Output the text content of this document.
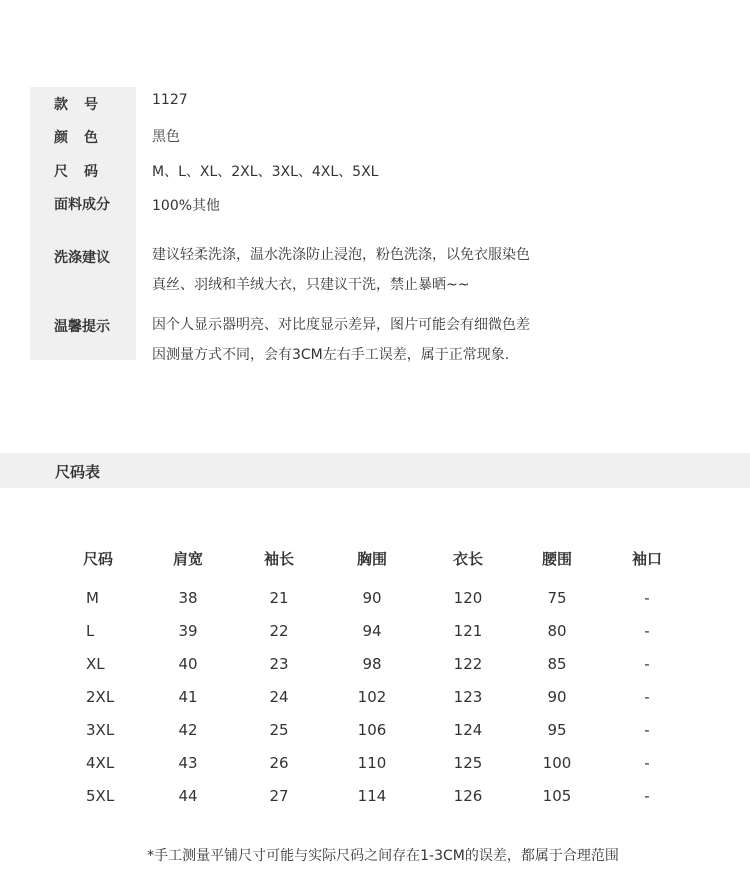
款号	1127
颜色	黑色
尺码	M、L、XL、2XL、3XL、4XL、5XL
面料成分	100%其他
洗涤建议	建议轻柔洗涤，温水洗涤防止浸泡，粉色洗涤，以免衣服染色
真丝、羽绒和羊绒大衣，只建议干洗，禁止暴晒~~
温馨提示	因个人显示器明亮、对比度显示差异，图片可能会有细微色差
因测量方式不同，会有3CM左右手工误差，属于正常现象.
尺码表
尺码	肩宽	袖长	胸围	衣长	腰围	袖口
M	38	21	90	120	75	-
L	39	22	94	121	80	-
XL	40	23	98	122	85	-
2XL	41	24	102	123	90	-
3XL	42	25	106	124	95	-
4XL	43	26	110	125	100	-
5XL	44	27	114	126	105	-
*手工测量平铺尺寸可能与实际尺码之间存在1-3CM的误差，都属于合理范围
